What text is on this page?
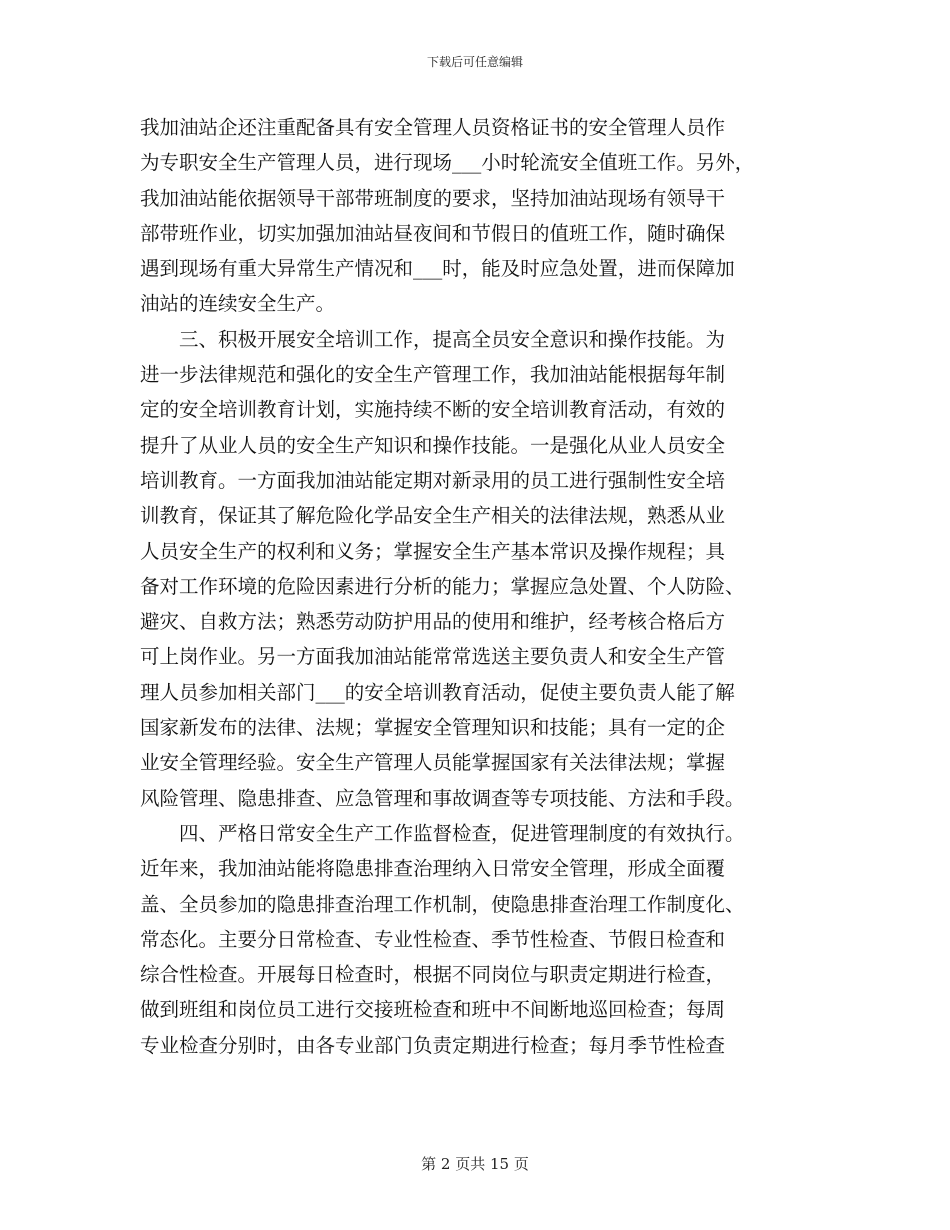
下载后可任意编辑
我加油站企还注重配备具有安全管理人员资格证书的安全管理人员作
为专职安全生产管理人员，进行现场___小时轮流安全值班工作。另外，
我加油站能依据领导干部带班制度的要求，坚持加油站现场有领导干
部带班作业，切实加强加油站昼夜间和节假日的值班工作，随时确保
遇到现场有重大异常生产情况和___时，能及时应急处置，进而保障加
油站的连续安全生产。
　　三、积极开展安全培训工作，提高全员安全意识和操作技能。为
进一步法律规范和强化的安全生产管理工作，我加油站能根据每年制
定的安全培训教育计划，实施持续不断的安全培训教育活动，有效的
提升了从业人员的安全生产知识和操作技能。一是强化从业人员安全
培训教育。一方面我加油站能定期对新录用的员工进行强制性安全培
训教育，保证其了解危险化学品安全生产相关的法律法规，熟悉从业
人员安全生产的权利和义务；掌握安全生产基本常识及操作规程；具
备对工作环境的危险因素进行分析的能力；掌握应急处置、个人防险、
避灾、自救方法；熟悉劳动防护用品的使用和维护，经考核合格后方
可上岗作业。另一方面我加油站能常常选送主要负责人和安全生产管
理人员参加相关部门___的安全培训教育活动，促使主要负责人能了解
国家新发布的法律、法规；掌握安全管理知识和技能；具有一定的企
业安全管理经验。安全生产管理人员能掌握国家有关法律法规；掌握
风险管理、隐患排查、应急管理和事故调查等专项技能、方法和手段。
　　四、严格日常安全生产工作监督检查，促进管理制度的有效执行。
近年来，我加油站能将隐患排查治理纳入日常安全管理，形成全面覆
盖、全员参加的隐患排查治理工作机制，使隐患排查治理工作制度化、
常态化。主要分日常检查、专业性检查、季节性检查、节假日检查和
综合性检查。开展每日检查时，根据不同岗位与职责定期进行检查，
做到班组和岗位员工进行交接班检查和班中不间断地巡回检查；每周
专业检查分别时，由各专业部门负责定期进行检查；每月季节性检查
第 2 页共 15 页
